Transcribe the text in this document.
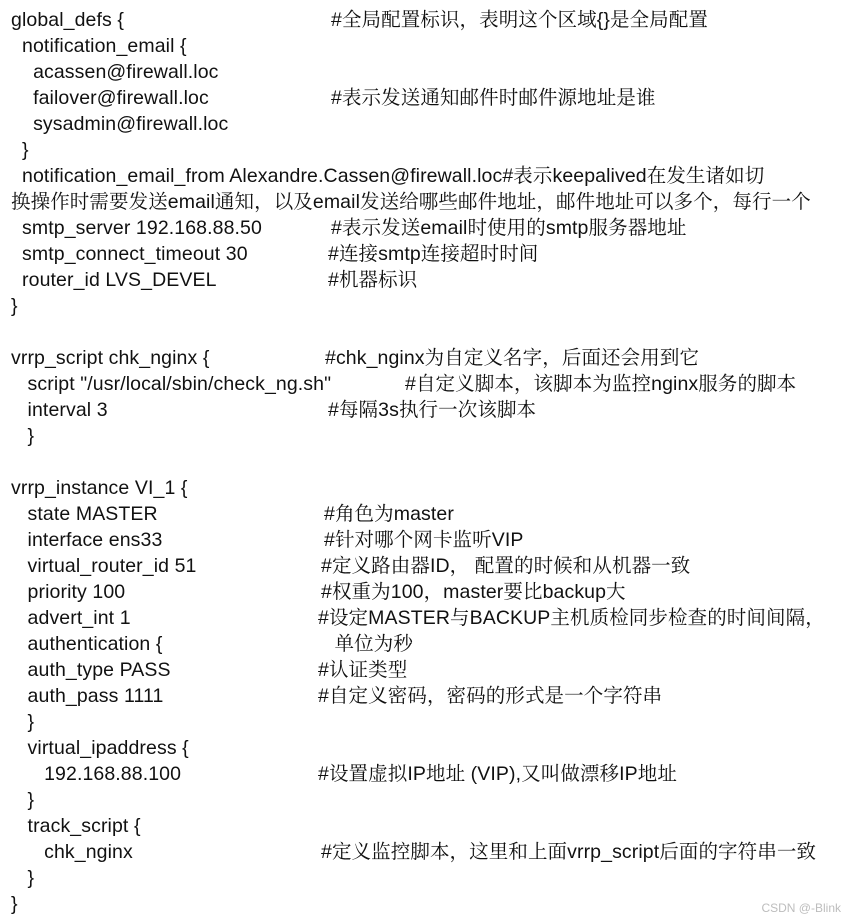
global_defs {	#全局配置标识，表明这个区域{}是全局配置
notification_email {
acassen@firewall.loc
failover@firewall.loc	#表示发送通知邮件时邮件源地址是谁
sysadmin@firewall.loc
}
notification_email_from Alexandre.Cassen@firewall.loc#表示keepalived在发生诸如切
换操作时需要发送email通知，以及email发送给哪些邮件地址，邮件地址可以多个，每行一个
smtp_server 192.168.88.50	#表示发送email时使用的smtp服务器地址
smtp_connect_timeout 30	#连接smtp连接超时时间
router_id LVS_DEVEL	#机器标识
}
vrrp_script chk_nginx {	#chk_nginx为自定义名字，后面还会用到它
script "/usr/local/sbin/check_ng.sh"	#自定义脚本，该脚本为监控nginx服务的脚本
interval 3	#每隔3s执行一次该脚本
}
vrrp_instance VI_1 {
state MASTER	#角色为master
interface ens33	#针对哪个网卡监听VIP
virtual_router_id 51	#定义路由器ID， 配置的时候和从机器一致
priority 100	#权重为100，master要比backup大
advert_int 1	#设定MASTER与BACKUP主机质检同步检查的时间间隔，
authentication {	单位为秒
auth_type PASS	#认证类型
auth_pass 1111	#自定义密码，密码的形式是一个字符串
}
virtual_ipaddress {
192.168.88.100	#设置虚拟IP地址 (VIP),又叫做漂移IP地址
}
track_script {
chk_nginx	#定义监控脚本，这里和上面vrrp_script后面的字符串一致
}
}	CSDN @-Blink
